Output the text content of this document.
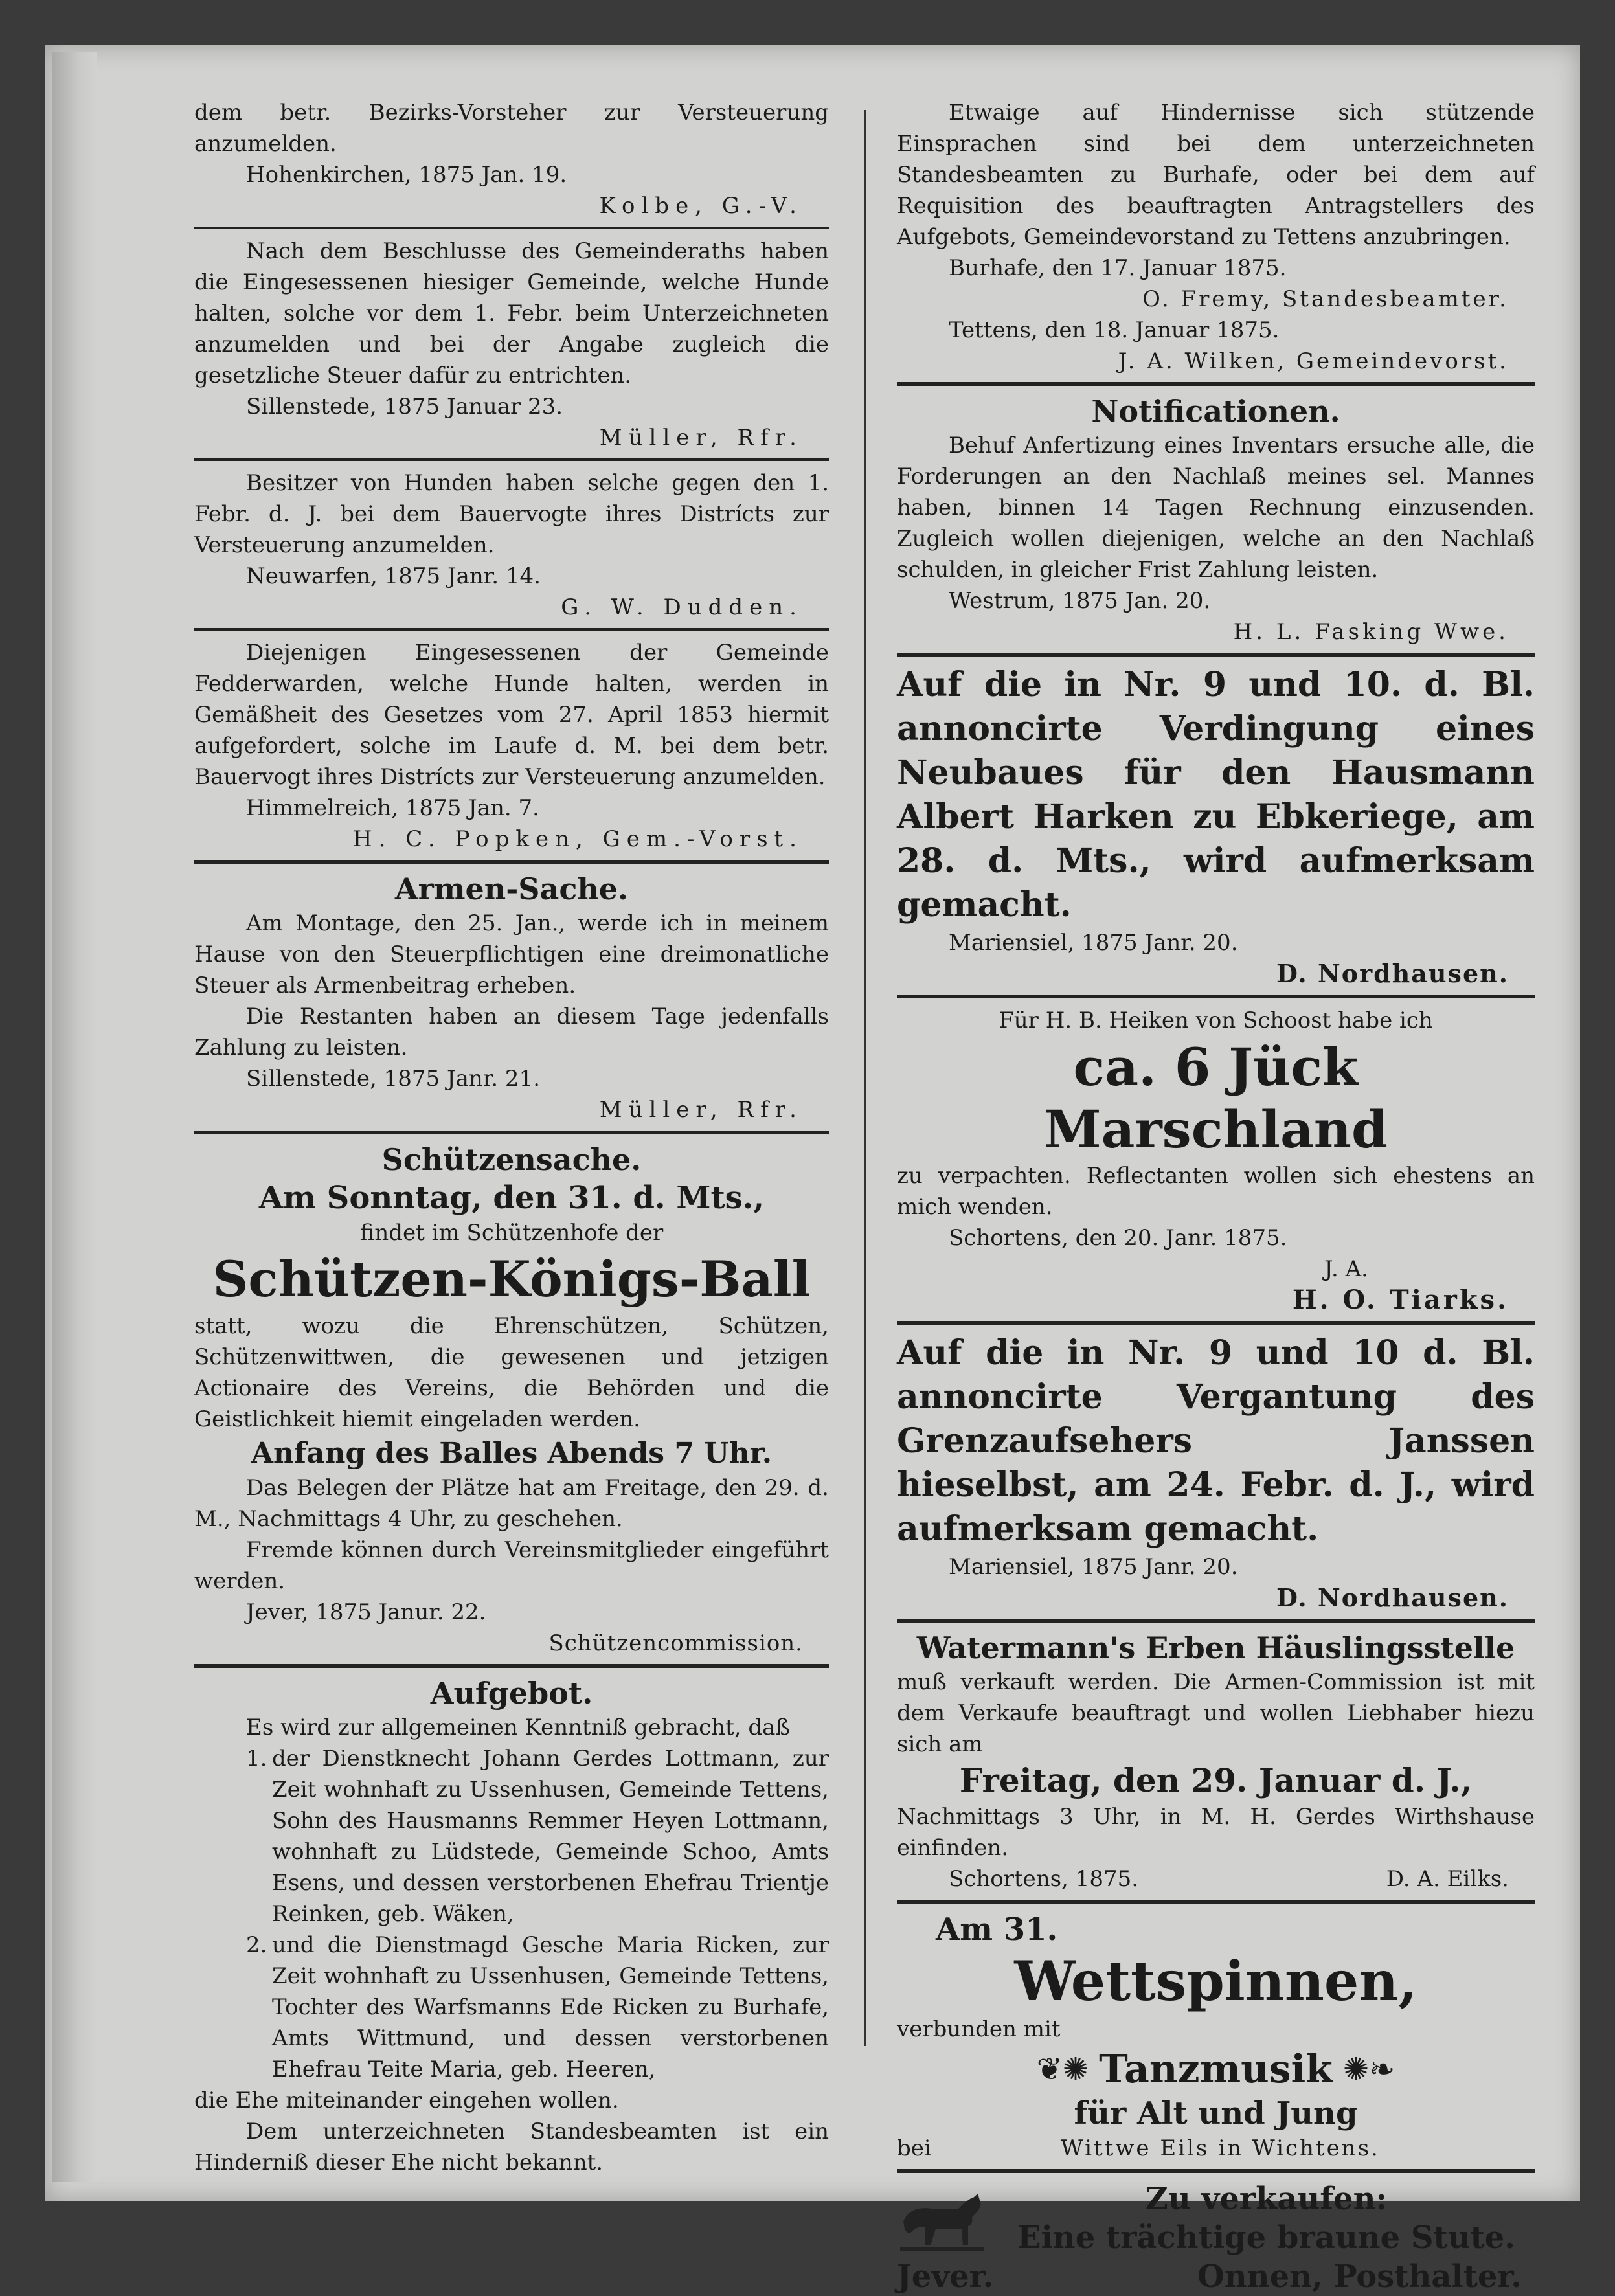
dem betr. Bezirks-Vorsteher zur Versteuerung anzumelden.

Hohenkirchen, 1875 Jan. 19.

Kolbe, G.-V.

Nach dem Beschlusse des Gemeinderaths haben die Eingesessenen hiesiger Gemeinde, welche Hunde halten, solche vor dem 1. Febr. beim Unterzeichneten anzumelden und bei der Angabe zugleich die gesetzliche Steuer dafür zu entrichten.

Sillenstede, 1875 Januar 23.

Müller, Rfr.

Besitzer von Hunden haben selche gegen den 1. Febr. d. J. bei dem Bauervogte ihres Distrícts zur Versteuerung anzumelden.

Neuwarfen, 1875 Janr. 14.

G. W. Dudden.

Diejenigen Eingesessenen der Gemeinde Fedderwarden, welche Hunde halten, werden in Gemäßheit des Gesetzes vom 27. April 1853 hiermit aufgefordert, solche im Laufe d. M. bei dem betr. Bauervogt ihres Distrícts zur Versteuerung anzumelden.

Himmelreich, 1875 Jan. 7.

H. C. Popken, Gem.-Vorst.

Armen-Sache.

Am Montage, den 25. Jan., werde ich in meinem Hause von den Steuerpflichtigen eine dreimonatliche Steuer als Armenbeitrag erheben.

Die Restanten haben an diesem Tage jedenfalls Zahlung zu leisten.

Sillenstede, 1875 Janr. 21.

Müller, Rfr.

Schützensache.

Am Sonntag, den 31. d. Mts.,

findet im Schützenhofe der

Schützen-Königs-Ball

statt, wozu die Ehrenschützen, Schützen, Schützenwittwen, die gewesenen und jetzigen Actionaire des Vereins, die Behörden und die Geistlichkeit hiemit eingeladen werden.

Anfang des Balles Abends 7 Uhr.

Das Belegen der Plätze hat am Freitage, den 29. d. M., Nachmittags 4 Uhr, zu geschehen.

Fremde können durch Vereinsmitglieder eingeführt werden.

Jever, 1875 Janur. 22.

Schützencommission.

Aufgebot.

Es wird zur allgemeinen Kenntniß gebracht, daß

1. der Dienstknecht Johann Gerdes Lottmann, zur Zeit wohnhaft zu Ussenhusen, Gemeinde Tettens, Sohn des Hausmanns Remmer Heyen Lottmann, wohnhaft zu Lüdstede, Gemeinde Schoo, Amts Esens, und dessen verstorbenen Ehefrau Trientje Reinken, geb. Wäken,

2. und die Dienstmagd Gesche Maria Ricken, zur Zeit wohnhaft zu Ussenhusen, Gemeinde Tettens, Tochter des Warfsmanns Ede Ricken zu Burhafe, Amts Wittmund, und dessen verstorbenen Ehefrau Teite Maria, geb. Heeren,

die Ehe miteinander eingehen wollen.

Dem unterzeichneten Standesbeamten ist ein Hinderniß dieser Ehe nicht bekannt.

Etwaige auf Hindernisse sich stützende Einsprachen sind bei dem unterzeichneten Standesbeamten zu Burhafe, oder bei dem auf Requisition des beauftragten Antragstellers des Aufgebots, Gemeindevorstand zu Tettens anzubringen.

Burhafe, den 17. Januar 1875.

O. Fremy, Standesbeamter.

Tettens, den 18. Januar 1875.

J. A. Wilken, Gemeindevorst.

Notificationen.

Behuf Anfertizung eines Inventars ersuche alle, die Forderungen an den Nachlaß meines sel. Mannes haben, binnen 14 Tagen Rechnung einzusenden. Zugleich wollen diejenigen, welche an den Nachlaß schulden, in gleicher Frist Zahlung leisten.

Westrum, 1875 Jan. 20.

H. L. Fasking Wwe.

Auf die in Nr. 9 und 10. d. Bl. annoncirte Verdingung eines Neubaues für den Hausmann Albert Harken zu Ebkeriege, am 28. d. Mts., wird aufmerksam gemacht.

Mariensiel, 1875 Janr. 20.

D. Nordhausen.

Für H. B. Heiken von Schoost habe ich

ca. 6 Jück Marschland

zu verpachten. Reflectanten wollen sich ehestens an mich wenden.

Schortens, den 20. Janr. 1875.

J. A.

H. O. Tiarks.

Auf die in Nr. 9 und 10 d. Bl. annoncirte Vergantung des Grenzaufsehers Janssen hieselbst, am 24. Febr. d. J., wird aufmerksam gemacht.

Mariensiel, 1875 Janr. 20.

D. Nordhausen.

Watermann's Erben Häuslingsstelle

muß verkauft werden. Die Armen-Commission ist mit dem Verkaufe beauftragt und wollen Liebhaber hiezu sich am

Freitag, den 29. Januar d. J.,

Nachmittags 3 Uhr, in M. H. Gerdes Wirthshause einfinden.

Schortens, 1875.	D. A. Eilks.

Am 31.

Wettspinnen,

verbunden mit

❦✺ Tanzmusik ✺❧

für Alt und Jung

bei	Wittwe Eils in Wichtens.

Zu verkaufen:

Eine trächtige braune Stute.

Jever.	Onnen, Posthalter.
